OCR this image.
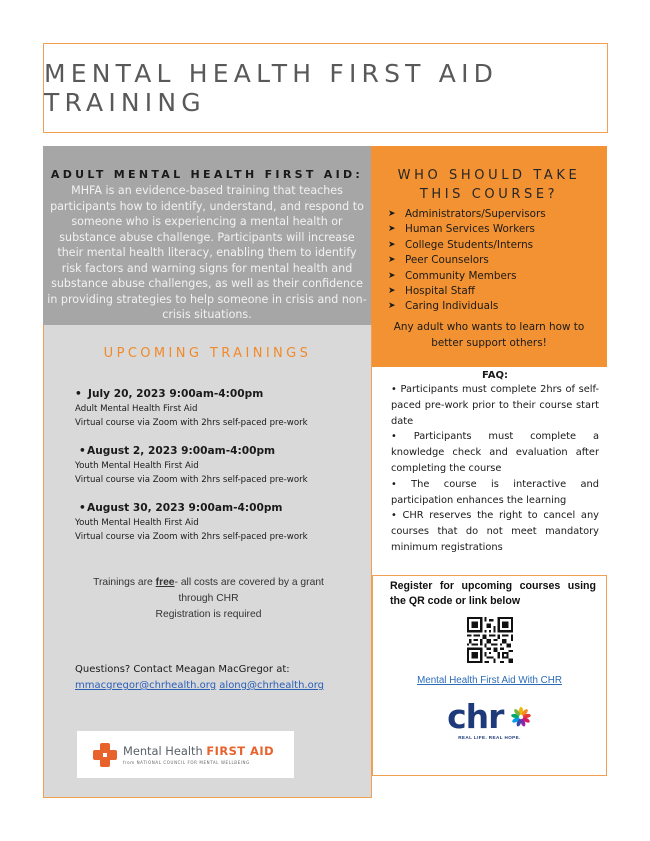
MENTAL HEALTH FIRST AID TRAINING
ADULT MENTAL HEALTH FIRST AID:

MHFA is an evidence-based training that teaches participants how to identify, understand, and respond to someone who is experiencing a mental health or substance abuse challenge. Participants will increase their mental health literacy, enabling them to identify risk factors and warning signs for mental health and substance abuse challenges, as well as their confidence in providing strategies to help someone in crisis and non-crisis situations.

WHO SHOULD TAKE
THIS COURSE?
➤ Administrators/Supervisors
➤ Human Services Workers
➤ College Students/Interns
➤ Peer Counselors
➤ Community Members
➤ Hospital Staff
➤ Caring Individuals
Any adult who wants to learn how to better support others!
UPCOMING TRAININGS
• July 20, 2023 9:00am-4:00pm
Adult Mental Health First Aid
Virtual course via Zoom with 2hrs self-paced pre-work
•August 2, 2023 9:00am-4:00pm
Youth Mental Health First Aid
Virtual course via Zoom with 2hrs self-paced pre-work
•August 30, 2023 9:00am-4:00pm
Youth Mental Health First Aid
Virtual course via Zoom with 2hrs self-paced pre-work
Trainings are free- all costs are covered by a grant through CHR
Registration is required
Questions? Contact Meagan MacGregor at:
mmacgregor@chrhealth.org along@chrhealth.org
Mental Health FIRST AID
from NATIONAL COUNCIL FOR MENTAL WELLBEING
FAQ:
• Participants must complete 2hrs of self-paced pre-work prior to their course start date
• Participants must complete a knowledge check and evaluation after completing the course
• The course is interactive and participation enhances the learning
• CHR reserves the right to cancel any courses that do not meet mandatory minimum registrations
Register for upcoming courses using the QR code or link below
Mental Health First Aid With CHR
chr
REAL LIFE. REAL HOPE.
